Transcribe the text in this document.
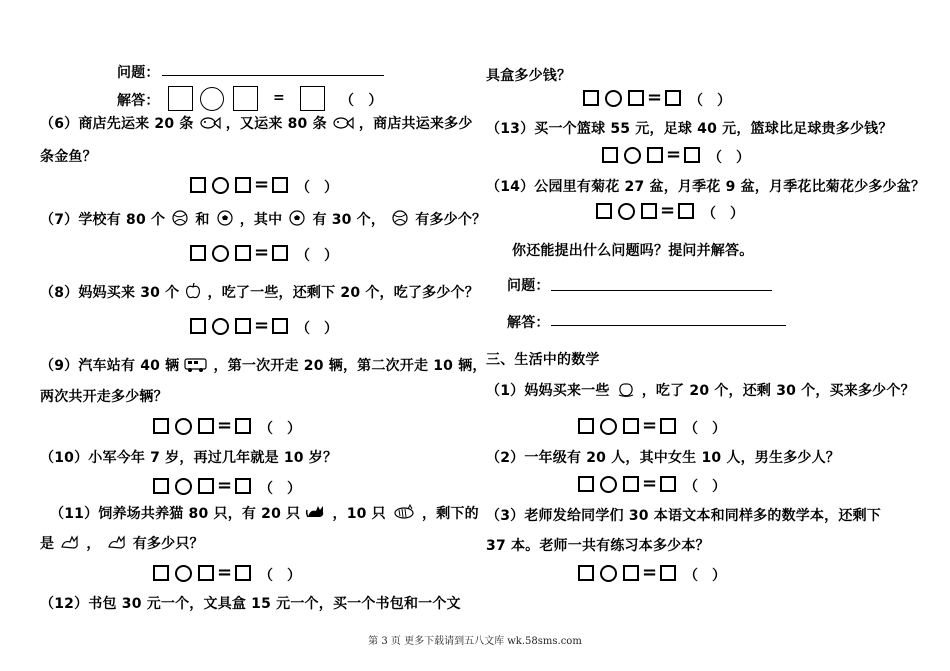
问题：
解答：	=	（　）
（6）商店先运来 20 条 ，又运来 80 条 ，商店共运来多少
条金鱼？
= （　）
（7）学校有 80 个 和 ，其中 有 30 个， 有多少个？
= （　）
（8）妈妈买来 30 个 ，吃了一些，还剩下 20 个，吃了多少个？
= （　）
（9）汽车站有 40 辆 ，第一次开走 20 辆，第二次开走 10 辆，
两次共开走多少辆？
= （　）
（10）小军今年 7 岁，再过几年就是 10 岁？
= （　）
（11）饲养场共养猫 80 只，有 20 只 ，10 只	，剩下的
是 ， 有多少只？
= （　）
（12）书包 30 元一个，文具盒 15 元一个，买一个书包和一个文
具盒多少钱？
= （　）
（13）买一个篮球 55 元，足球 40 元，篮球比足球贵多少钱？
= （　）
（14）公园里有菊花 27 盆，月季花 9 盆，月季花比菊花少多少盆？
= （　）
你还能提出什么问题吗？提问并解答。
问题：
解答：
三、生活中的数学
（1）妈妈买来一些 ，吃了 20 个，还剩 30 个，买来多少个？
= （　）
（2）一年级有 20 人，其中女生 10 人，男生多少人？
= （　）
（3）老师发给同学们 30 本语文本和同样多的数学本，还剩下
37 本。老师一共有练习本多少本？
= （　）
第 3 页 更多下载请到五八文库 wk.58sms.com
